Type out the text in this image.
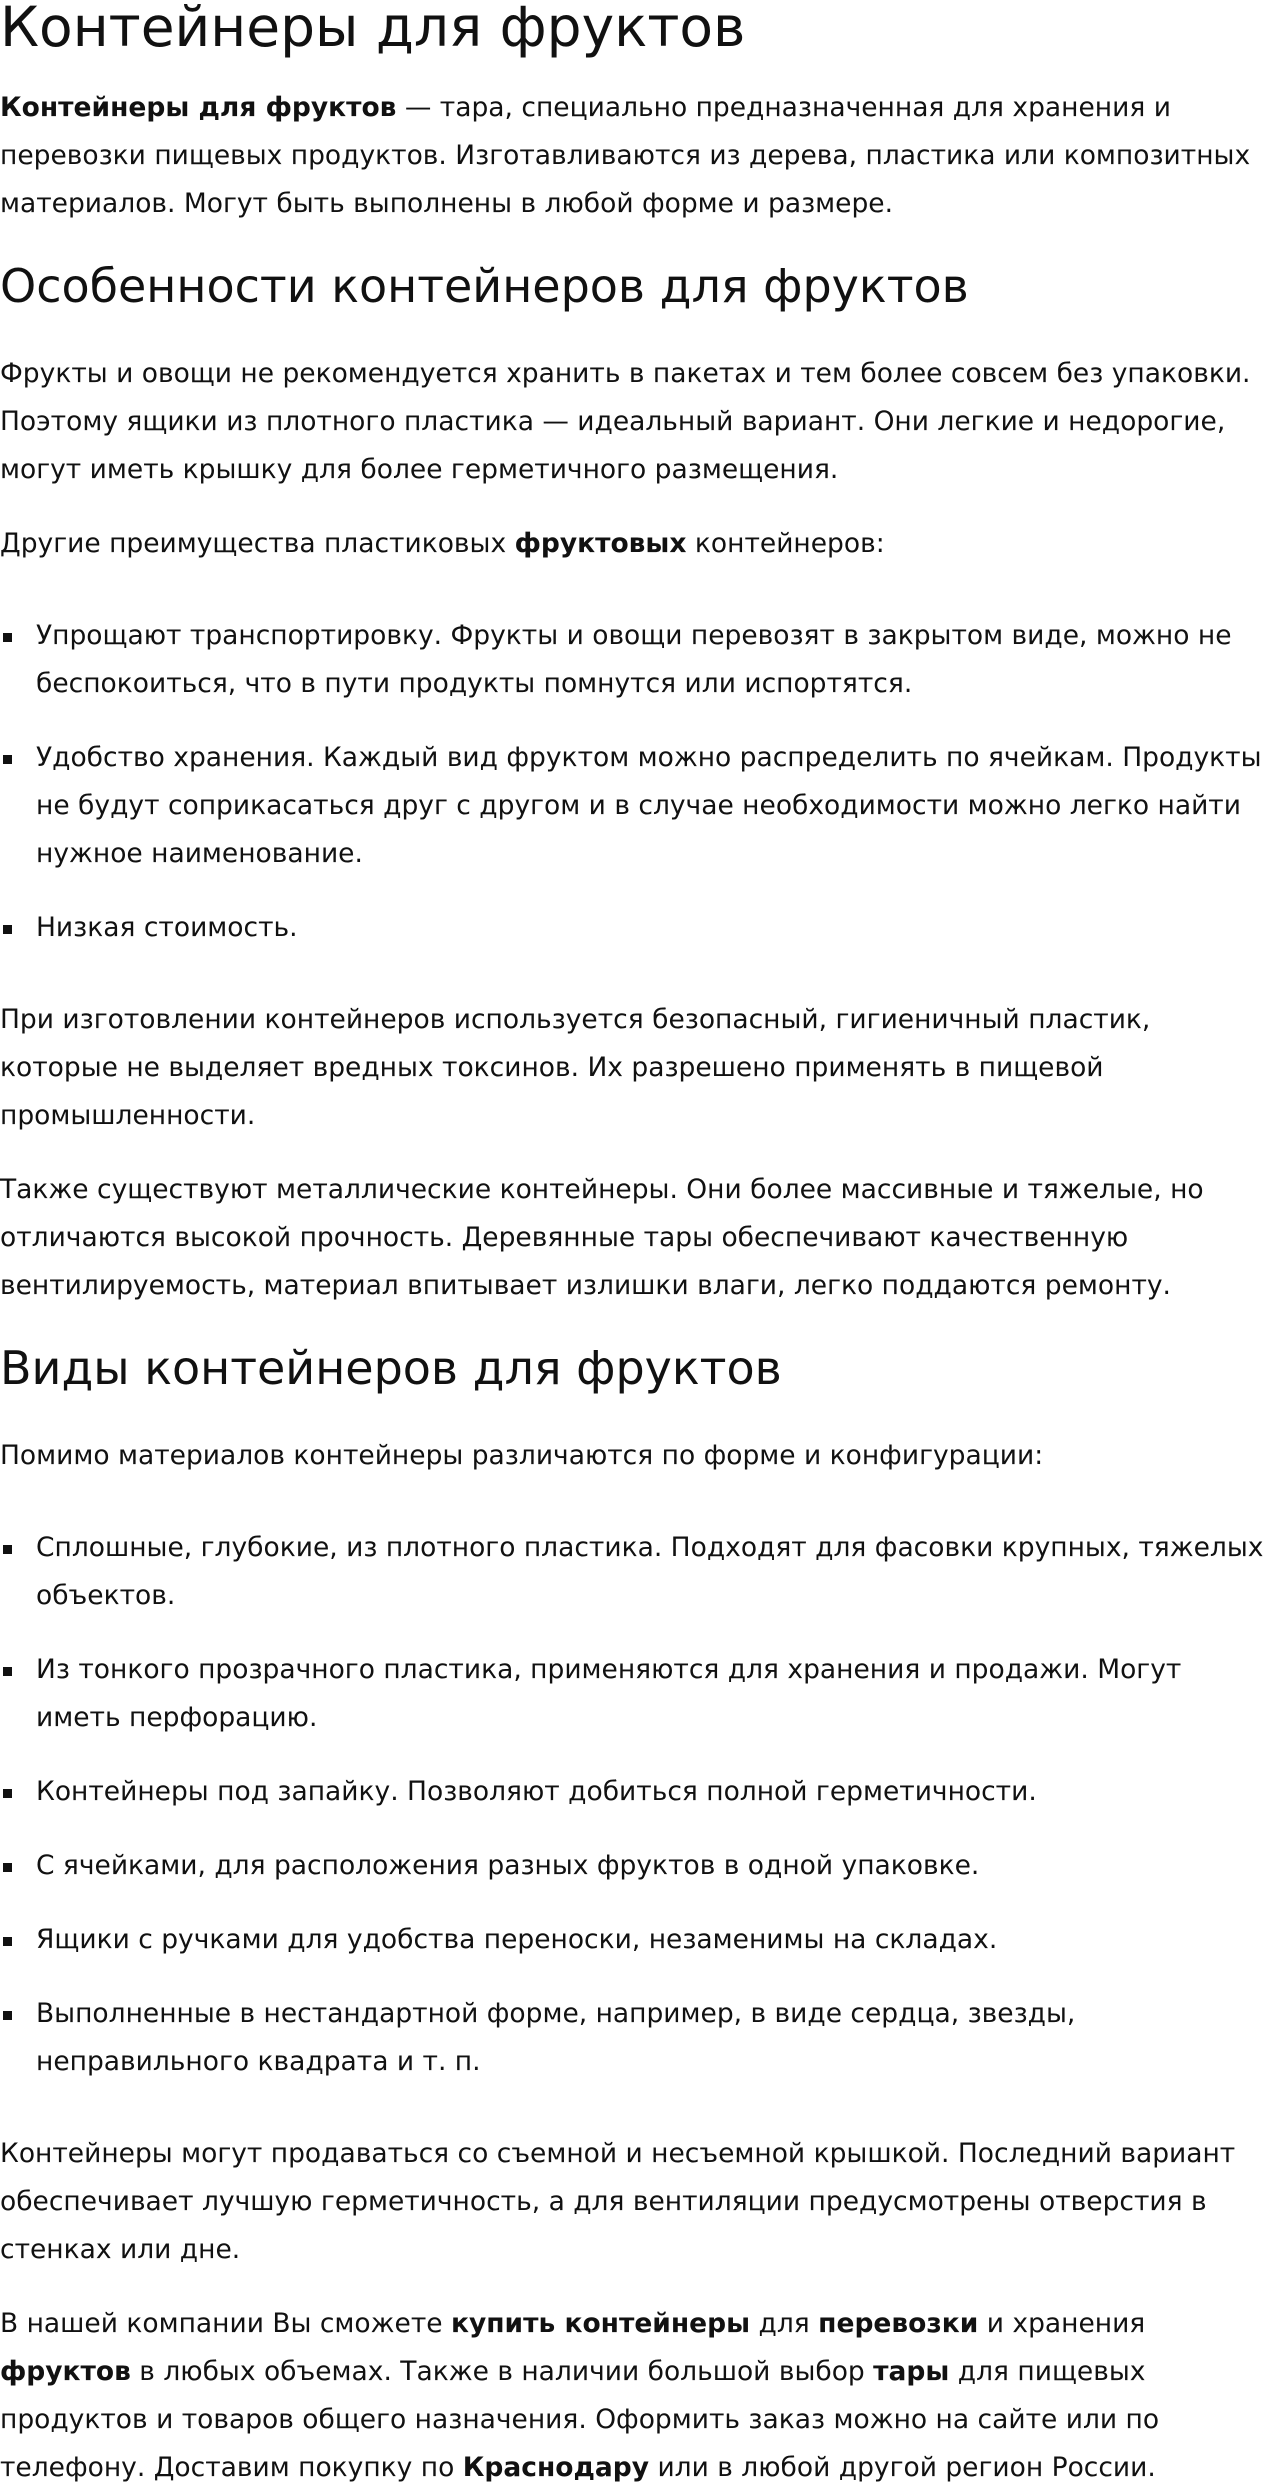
Контейнеры для фруктов

Контейнеры для фруктов — тара, специально предназначенная для хранения и перевозки пищевых продуктов. Изготавливаются из дерева, пластика или композитных материалов. Могут быть выполнены в любой форме и размере.

Особенности контейнеров для фруктов

Фрукты и овощи не рекомендуется хранить в пакетах и тем более совсем без упаковки. Поэтому ящики из плотного пластика — идеальный вариант. Они легкие и недорогие, могут иметь крышку для более герметичного размещения.

Другие преимущества пластиковых фруктовых контейнеров:

Упрощают транспортировку. Фрукты и овощи перевозят в закрытом виде, можно не беспокоиться, что в пути продукты помнутся или испортятся.
Удобство хранения. Каждый вид фруктом можно распределить по ячейкам. Продукты не будут соприкасаться друг с другом и в случае необходимости можно легко найти нужное наименование.
Низкая стоимость.

При изготовлении контейнеров используется безопасный, гигиеничный пластик, которые не выделяет вредных токсинов. Их разрешено применять в пищевой промышленности.

Также существуют металлические контейнеры. Они более массивные и тяжелые, но отличаются высокой прочность. Деревянные тары обеспечивают качественную вентилируемость, материал впитывает излишки влаги, легко поддаются ремонту.

Виды контейнеров для фруктов

Помимо материалов контейнеры различаются по форме и конфигурации:

Сплошные, глубокие, из плотного пластика. Подходят для фасовки крупных, тяжелых объектов.
Из тонкого прозрачного пластика, применяются для хранения и продажи. Могут иметь перфорацию.
Контейнеры под запайку. Позволяют добиться полной герметичности.
С ячейками, для расположения разных фруктов в одной упаковке.
Ящики с ручками для удобства переноски, незаменимы на складах.
Выполненные в нестандартной форме, например, в виде сердца, звезды, неправильного квадрата и т. п.

Контейнеры могут продаваться со съемной и несъемной крышкой. Последний вариант обеспечивает лучшую герметичность, а для вентиляции предусмотрены отверстия в стенках или дне.

В нашей компании Вы сможете купить контейнеры для перевозки и хранения фруктов в любых объемах. Также в наличии большой выбор тары для пищевых продуктов и товаров общего назначения. Оформить заказ можно на сайте или по телефону. Доставим покупку по Краснодару или в любой другой регион России.
